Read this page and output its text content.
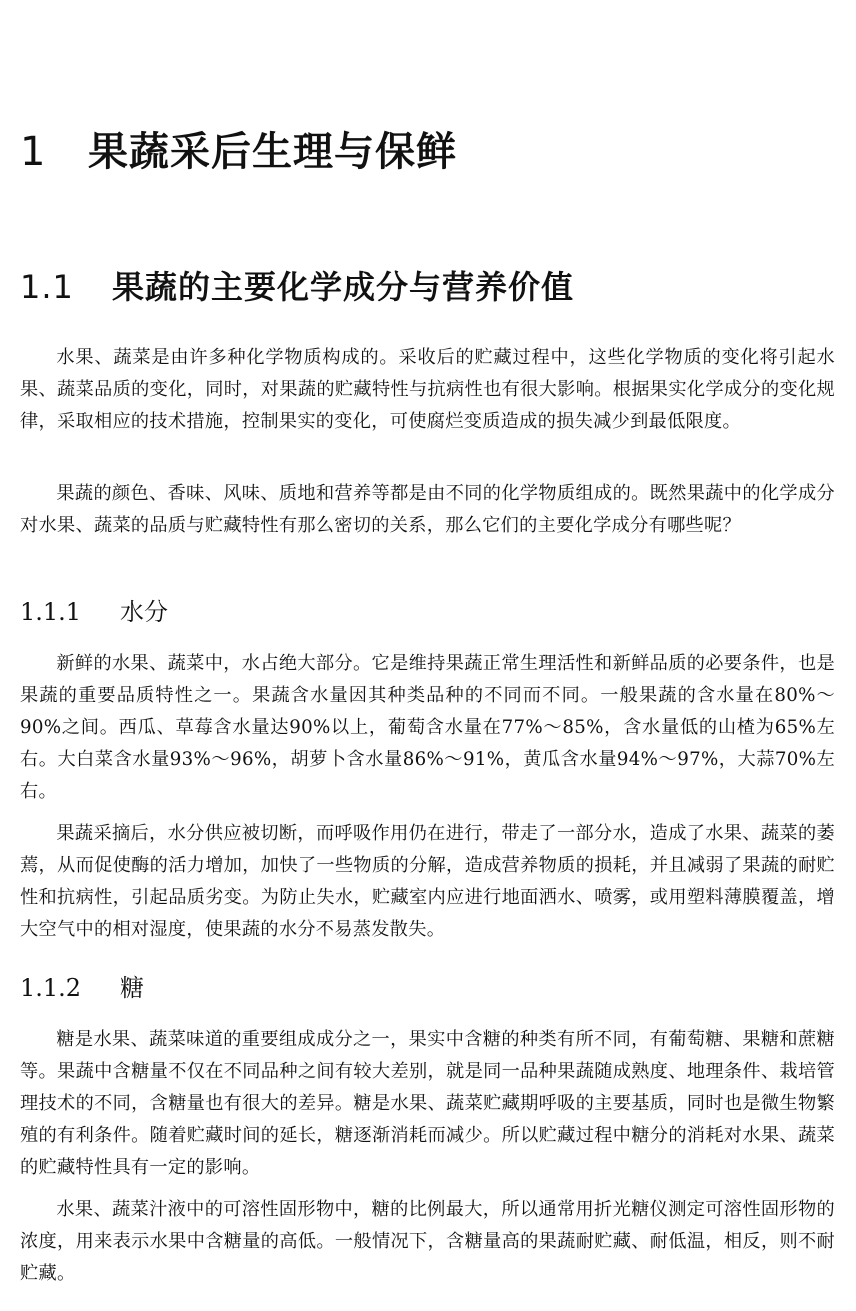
1 果蔬采后生理与保鲜
1.1 果蔬的主要化学成分与营养价值

水果、蔬菜是由许多种化学物质构成的。采收后的贮藏过程中，这些化学物质的变化将引起水果、蔬菜品质的变化，同时，对果蔬的贮藏特性与抗病性也有很大影响。根据果实化学成分的变化规律，采取相应的技术措施，控制果实的变化，可使腐烂变质造成的损失减少到最低限度。

果蔬的颜色、香味、风味、质地和营养等都是由不同的化学物质组成的。既然果蔬中的化学成分对水果、蔬菜的品质与贮藏特性有那么密切的关系，那么它们的主要化学成分有哪些呢？

1.1.1 水分

新鲜的水果、蔬菜中，水占绝大部分。它是维持果蔬正常生理活性和新鲜品质的必要条件，也是果蔬的重要品质特性之一。果蔬含水量因其种类品种的不同而不同。一般果蔬的含水量在80%～90%之间。西瓜、草莓含水量达90%以上，葡萄含水量在77%～85%，含水量低的山楂为65%左右。大白菜含水量93%～96%，胡萝卜含水量86%～91%，黄瓜含水量94%～97%，大蒜70%左右。

果蔬采摘后，水分供应被切断，而呼吸作用仍在进行，带走了一部分水，造成了水果、蔬菜的萎蔫，从而促使酶的活力增加，加快了一些物质的分解，造成营养物质的损耗，并且减弱了果蔬的耐贮性和抗病性，引起品质劣变。为防止失水，贮藏室内应进行地面洒水、喷雾，或用塑料薄膜覆盖，增大空气中的相对湿度，使果蔬的水分不易蒸发散失。

1.1.2 糖

糖是水果、蔬菜味道的重要组成成分之一，果实中含糖的种类有所不同，有葡萄糖、果糖和蔗糖等。果蔬中含糖量不仅在不同品种之间有较大差别，就是同一品种果蔬随成熟度、地理条件、栽培管理技术的不同，含糖量也有很大的差异。糖是水果、蔬菜贮藏期呼吸的主要基质，同时也是微生物繁殖的有利条件。随着贮藏时间的延长，糖逐渐消耗而减少。所以贮藏过程中糖分的消耗对水果、蔬菜的贮藏特性具有一定的影响。

水果、蔬菜汁液中的可溶性固形物中，糖的比例最大，所以通常用折光糖仪测定可溶性固形物的浓度，用来表示水果中含糖量的高低。一般情况下，含糖量高的果蔬耐贮藏、耐低温，相反，则不耐贮藏。
